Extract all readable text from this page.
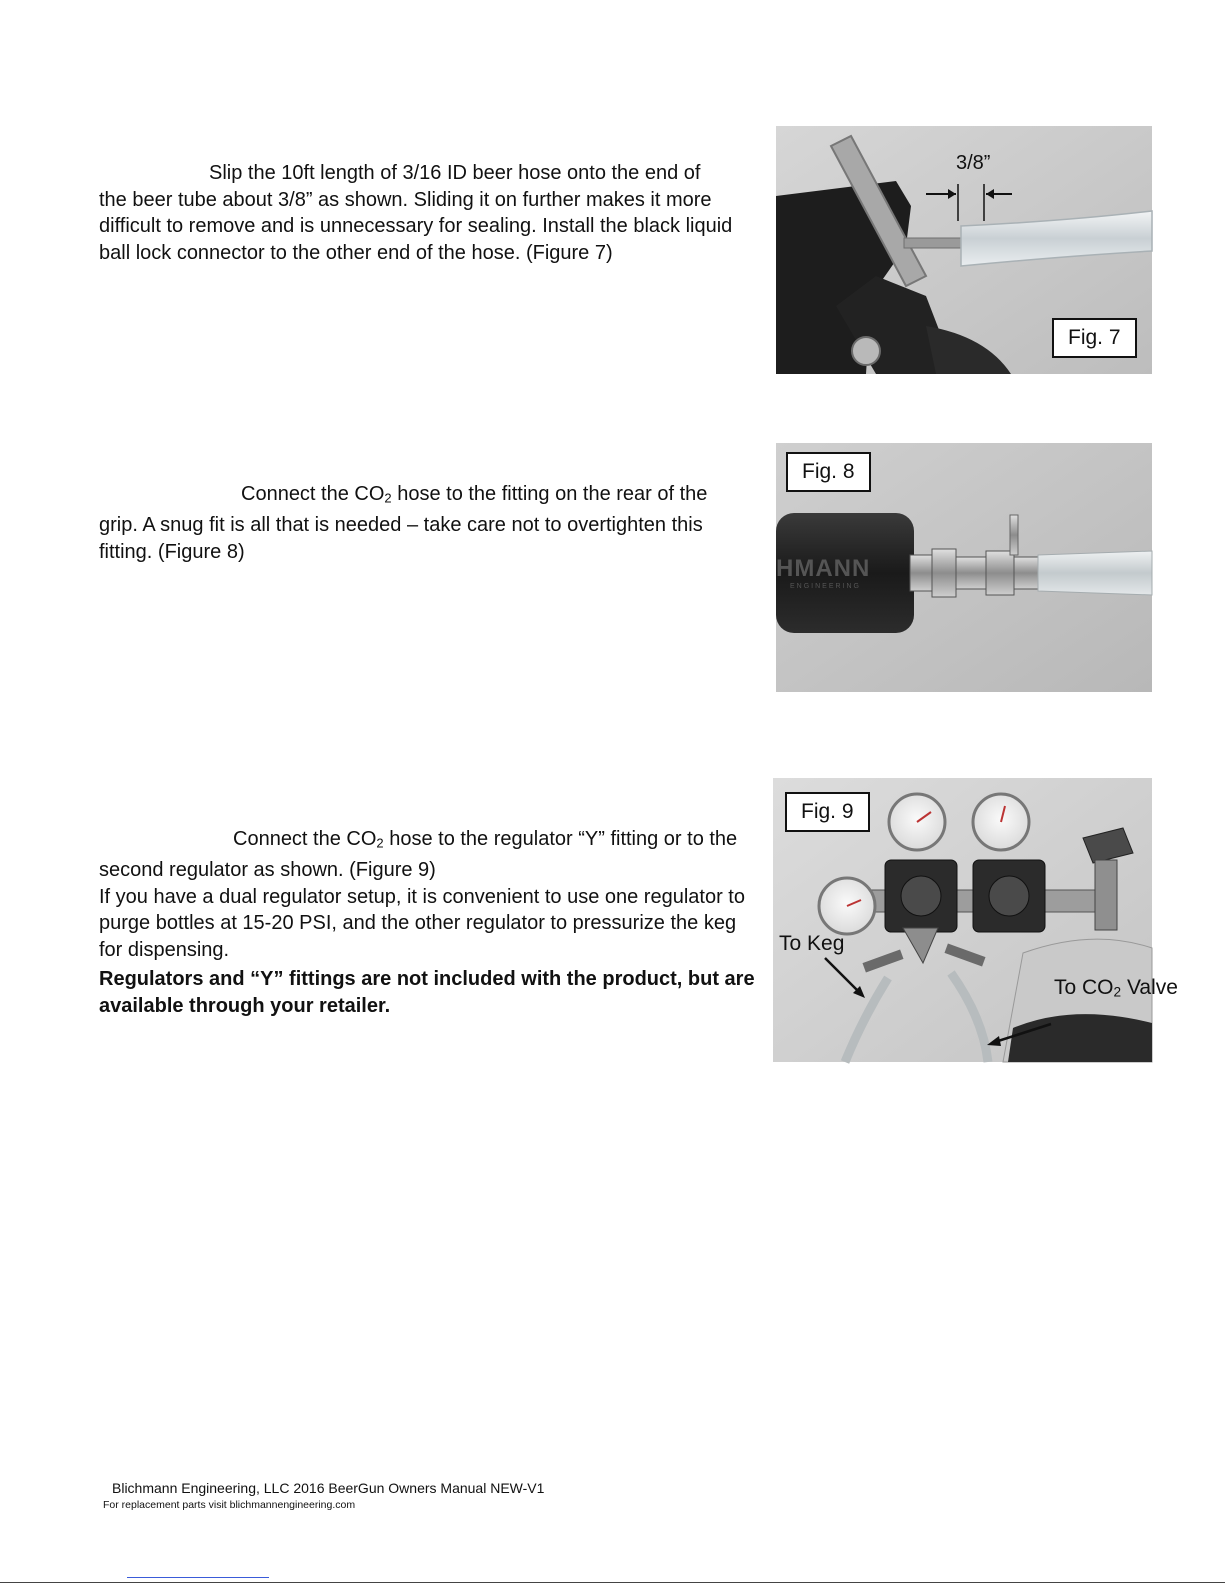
Slip the 10ft length of 3/16 ID beer hose onto the end of

the beer tube about 3/8” as shown. Sliding it on further makes it more difficult to remove and is unnecessary for sealing. Install the black liquid ball lock connector to the other end of the hose. (Figure 7)

3/8”
Fig. 7

Connect the $CO_2$ hose to the fitting on the rear of the

grip. A snug fit is all that is needed – take care not to overtighten this fitting. (Figure 8)

HMANN
ENGINEERING
Fig. 8

Connect the $CO_2$ hose to the regulator “Y” fitting or to the

second regulator as shown. (Figure 9)

If you have a dual regulator setup, it is convenient to use one regulator to purge bottles at 15-20 PSI, and the other regulator to pressurize the keg for dispensing.

Regulators and “Y” fittings are not included with the product, but are available through your retailer.

Fig. 9
To Keg
To $CO_2$ Valve
Blichmann Engineering, LLC 2016 BeerGun Owners Manual NEW-V1
For replacement parts visit blichmannengineering.com
